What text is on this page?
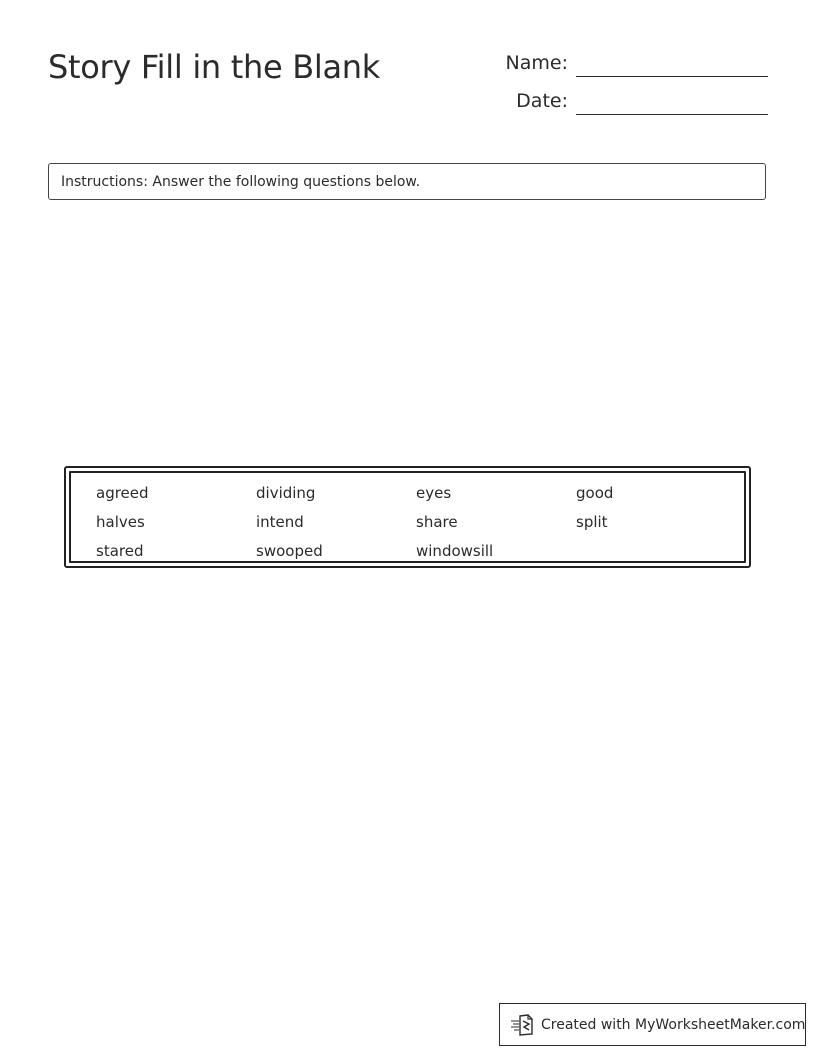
Story Fill in the Blank	Name:
Date:
Instructions: Answer the following questions below.
agreed	dividing	eyes	good
halves	intend	share	split
stared	swooped	windowsill
Created with MyWorksheetMaker.com
